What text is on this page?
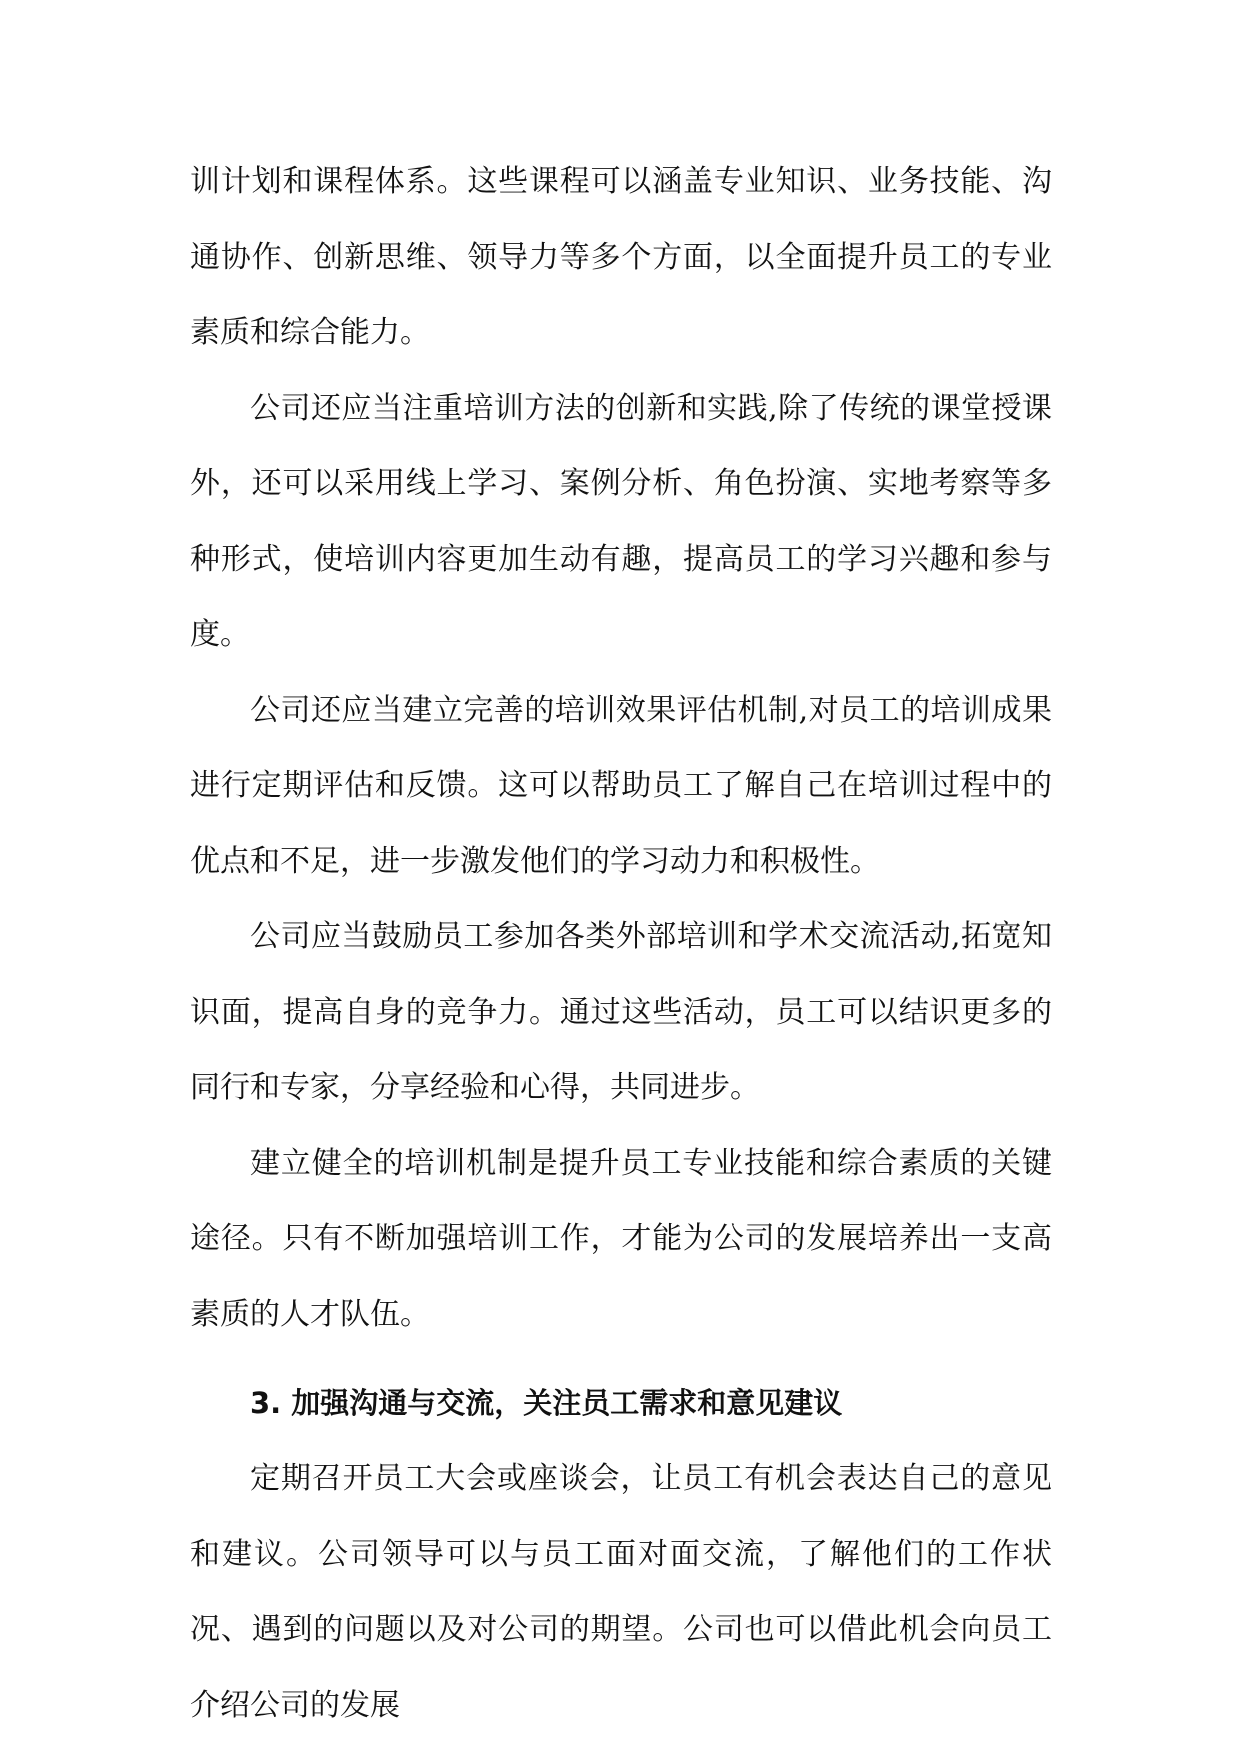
训计划和课程体系。这些课程可以涵盖专业知识、业务技能、沟通协作、创新思维、领导力等多个方面，以全面提升员工的专业素质和综合能力。

公司还应当注重培训方法的创新和实践,除了传统的课堂授课外，还可以采用线上学习、案例分析、角色扮演、实地考察等多种形式，使培训内容更加生动有趣，提高员工的学习兴趣和参与度。

公司还应当建立完善的培训效果评估机制,对员工的培训成果进行定期评估和反馈。这可以帮助员工了解自己在培训过程中的优点和不足，进一步激发他们的学习动力和积极性。

公司应当鼓励员工参加各类外部培训和学术交流活动,拓宽知识面，提高自身的竞争力。通过这些活动，员工可以结识更多的同行和专家，分享经验和心得，共同进步。

建立健全的培训机制是提升员工专业技能和综合素质的关键途径。只有不断加强培训工作，才能为公司的发展培养出一支高素质的人才队伍。

3. 加强沟通与交流，关注员工需求和意见建议

定期召开员工大会或座谈会，让员工有机会表达自己的意见和建议。公司领导可以与员工面对面交流，了解他们的工作状况、遇到的问题以及对公司的期望。公司也可以借此机会向员工介绍公司的发展
